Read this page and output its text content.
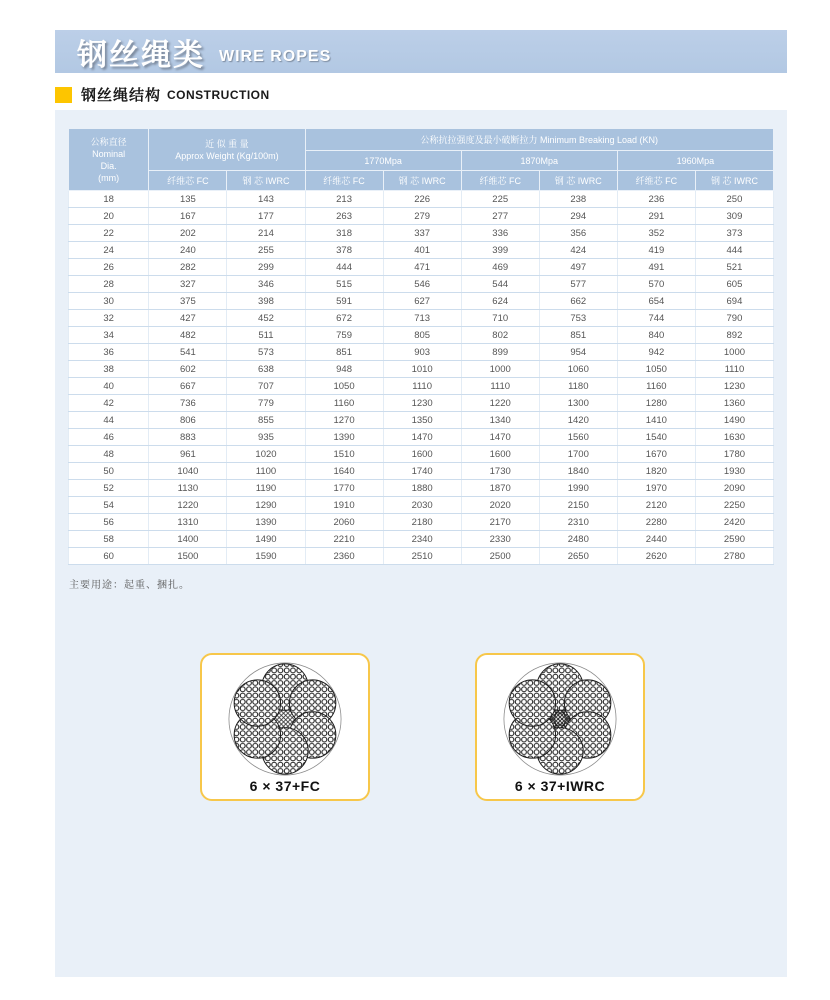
钢丝绳类 WIRE ROPES
钢丝绳结构 CONSTRUCTION
公称直径
Nominal
Dia.
(mm)	近 似 重 量
Approx Weight (Kg/100m)		公称抗拉强度及最小破断拉力 Minimum Breaking Load (KN)					
			1770Mpa		1870Mpa		1960Mpa	
	纤维芯 FC	钢 芯 IWRC	纤维芯 FC	钢 芯 IWRC	纤维芯 FC	钢 芯 IWRC	纤维芯 FC	钢 芯 IWRC
18	135	143	213	226	225	238	236	250
20	167	177	263	279	277	294	291	309
22	202	214	318	337	336	356	352	373
24	240	255	378	401	399	424	419	444
26	282	299	444	471	469	497	491	521
28	327	346	515	546	544	577	570	605
30	375	398	591	627	624	662	654	694
32	427	452	672	713	710	753	744	790
34	482	511	759	805	802	851	840	892
36	541	573	851	903	899	954	942	1000
38	602	638	948	1010	1000	1060	1050	1110
40	667	707	1050	1110	1110	1180	1160	1230
42	736	779	1160	1230	1220	1300	1280	1360
44	806	855	1270	1350	1340	1420	1410	1490
46	883	935	1390	1470	1470	1560	1540	1630
48	961	1020	1510	1600	1600	1700	1670	1780
50	1040	1100	1640	1740	1730	1840	1820	1930
52	1130	1190	1770	1880	1870	1990	1970	2090
54	1220	1290	1910	2030	2020	2150	2120	2250
56	1310	1390	2060	2180	2170	2310	2280	2420
58	1400	1490	2210	2340	2330	2480	2440	2590
60	1500	1590	2360	2510	2500	2650	2620	2780
主要用途：起重、捆扎。
6 × 37+FC	6 × 37+IWRC
